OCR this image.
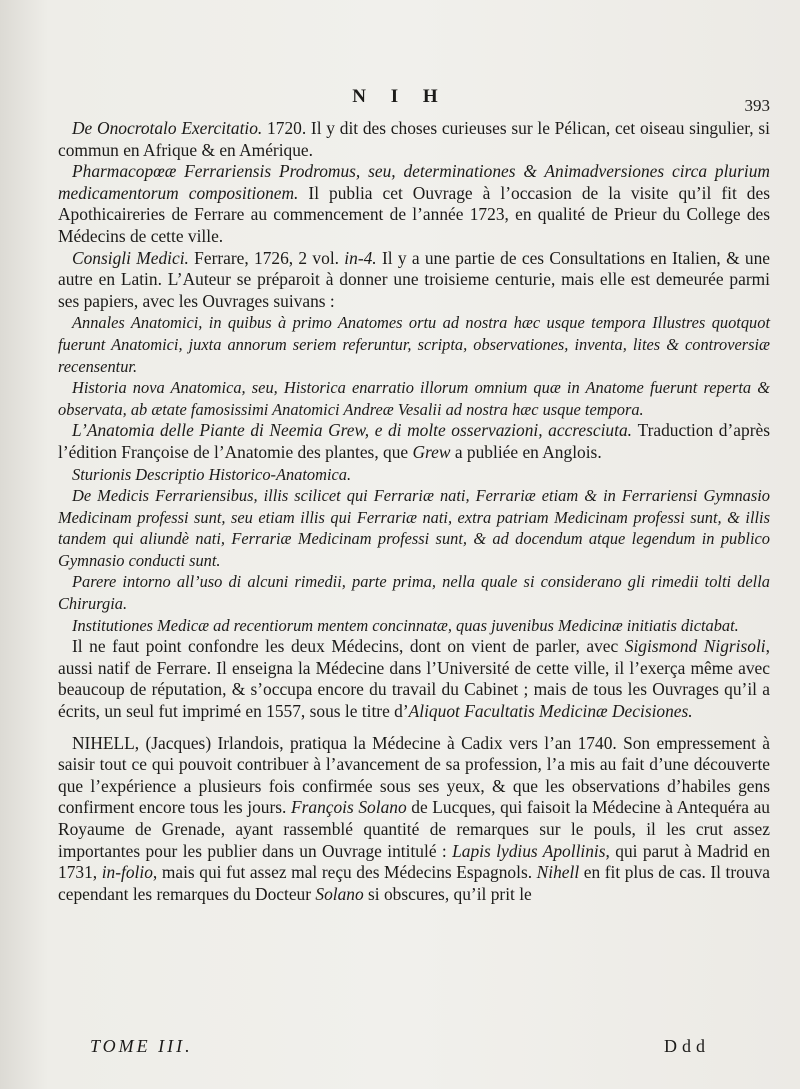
N I H	393

De Onocrotalo Exercitatio. 1720. Il y dit des choses curieuses sur le Pélican, cet oiseau singulier, si commun en Afrique & en Amérique.

Pharmacopœæ Ferrariensis Prodromus, seu, determinationes & Animadversiones circa plurium medicamentorum compositionem. Il publia cet Ouvrage à l’occasion de la visite qu’il fit des Apothicaireries de Ferrare au commencement de l’année 1723, en qualité de Prieur du College des Médecins de cette ville.

Consigli Medici. Ferrare, 1726, 2 vol. in-4. Il y a une partie de ces Consultations en Italien, & une autre en Latin. L’Auteur se préparoit à donner une troisieme centurie, mais elle est demeurée parmi ses papiers, avec les Ouvrages suivans :

Annales Anatomici, in quibus à primo Anatomes ortu ad nostra hæc usque tempora Illustres quotquot fuerunt Anatomici, juxta annorum seriem referuntur, scripta, observationes, inventa, lites & controversiæ recensentur.

Historia nova Anatomica, seu, Historica enarratio illorum omnium quæ in Anatome fuerunt reperta & observata, ab ætate famosissimi Anatomici Andreæ Vesalii ad nostra hæc usque tempora.

L’Anatomia delle Piante di Neemia Grew, e di molte osservazioni, accresciuta. Traduction d’après l’édition Françoise de l’Anatomie des plantes, que Grew a publiée en Anglois.

Sturionis Descriptio Historico-Anatomica.

De Medicis Ferrariensibus, illis scilicet qui Ferrariæ nati, Ferrariæ etiam & in Ferrariensi Gymnasio Medicinam professi sunt, seu etiam illis qui Ferrariæ nati, extra patriam Medicinam professi sunt, & illis tandem qui aliundè nati, Ferrariæ Medicinam professi sunt, & ad docendum atque legendum in publico Gymnasio conducti sunt.

Parere intorno all’uso di alcuni rimedii, parte prima, nella quale si considerano gli rimedii tolti della Chirurgia.

Institutiones Medicæ ad recentiorum mentem concinnatæ, quas juvenibus Medicinæ initiatis dictabat.

Il ne faut point confondre les deux Médecins, dont on vient de parler, avec Sigismond Nigrisoli, aussi natif de Ferrare. Il enseigna la Médecine dans l’Université de cette ville, il l’exerça même avec beaucoup de réputation, & s’occupa encore du travail du Cabinet ; mais de tous les Ouvrages qu’il a écrits, un seul fut imprimé en 1557, sous le titre d’Aliquot Facultatis Medicinæ Decisiones.

NIHELL, (Jacques) Irlandois, pratiqua la Médecine à Cadix vers l’an 1740. Son empressement à saisir tout ce qui pouvoit contribuer à l’avancement de sa profession, l’a mis au fait d’une découverte que l’expérience a plusieurs fois confirmée sous ses yeux, & que les observations d’habiles gens confirment encore tous les jours. François Solano de Lucques, qui faisoit la Médecine à Antequéra au Royaume de Grenade, ayant rassemblé quantité de remarques sur le pouls, il les crut assez importantes pour les publier dans un Ouvrage intitulé : Lapis lydius Apollinis, qui parut à Madrid en 1731, in-folio, mais qui fut assez mal reçu des Médecins Espagnols. Nihell en fit plus de cas. Il trouva cependant les remarques du Docteur Solano si obscures, qu’il prit le

TOME III.	Ddd
